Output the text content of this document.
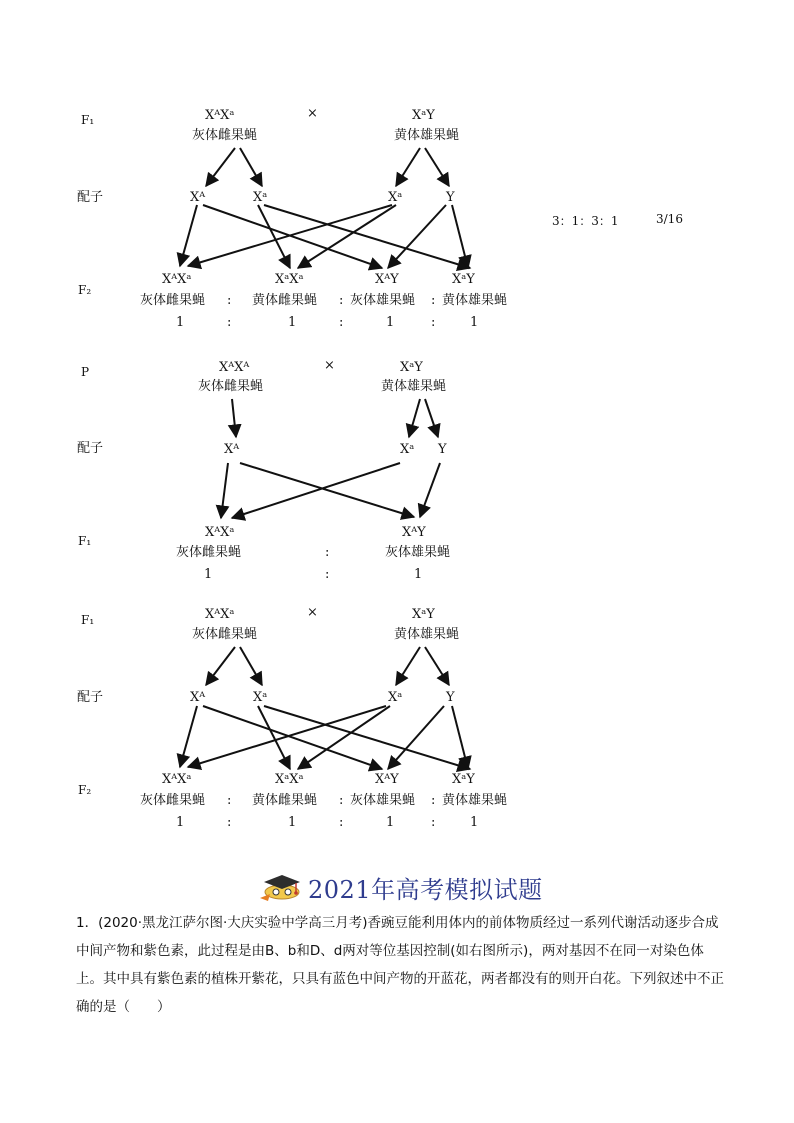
F₁	XᴬXᵃ
灰体雌果蝇
×	XᵃY
黄体雄果蝇
配子	Xᴬ	Xᵃ	Xᵃ	Y
F₂
XᴬXᵃ	XᵃXᵃ	XᴬY	XᵃY
灰体雌果蝇 : 黄体雌果蝇 : 灰体雄果蝇 : 黄体雄果蝇
1	:	1	:	1	:	1
3：1：3：1	3/16
P	XᴬXᴬ
灰体雌果蝇
×	XᵃY
黄体雄果蝇
配子	Xᴬ	Xᵃ Y
F₁
XᴬXᵃ	XᴬY
灰体雌果蝇	:	灰体雄果蝇
1	:	1
F₁	XᴬXᵃ
灰体雌果蝇
×	XᵃY
黄体雄果蝇
配子	Xᴬ	Xᵃ	Xᵃ	Y
F₂
XᴬXᵃ	XᵃXᵃ	XᴬY	XᵃY
灰体雌果蝇 : 黄体雌果蝇 : 灰体雄果蝇 : 黄体雄果蝇
1	:	1	:	1	:	1
2021年高考模拟试题
1．(2020·黑龙江萨尔图·大庆实验中学高三月考)香豌豆能利用体内的前体物质经过一系列代谢活动逐步合成中间产物和紫色素，此过程是由B、b和D、d两对等位基因控制(如右图所示)，两对基因不在同一对染色体上。其中具有紫色素的植株开紫花，只具有蓝色中间产物的开蓝花，两者都没有的则开白花。下列叙述中不正确的是（　　）
